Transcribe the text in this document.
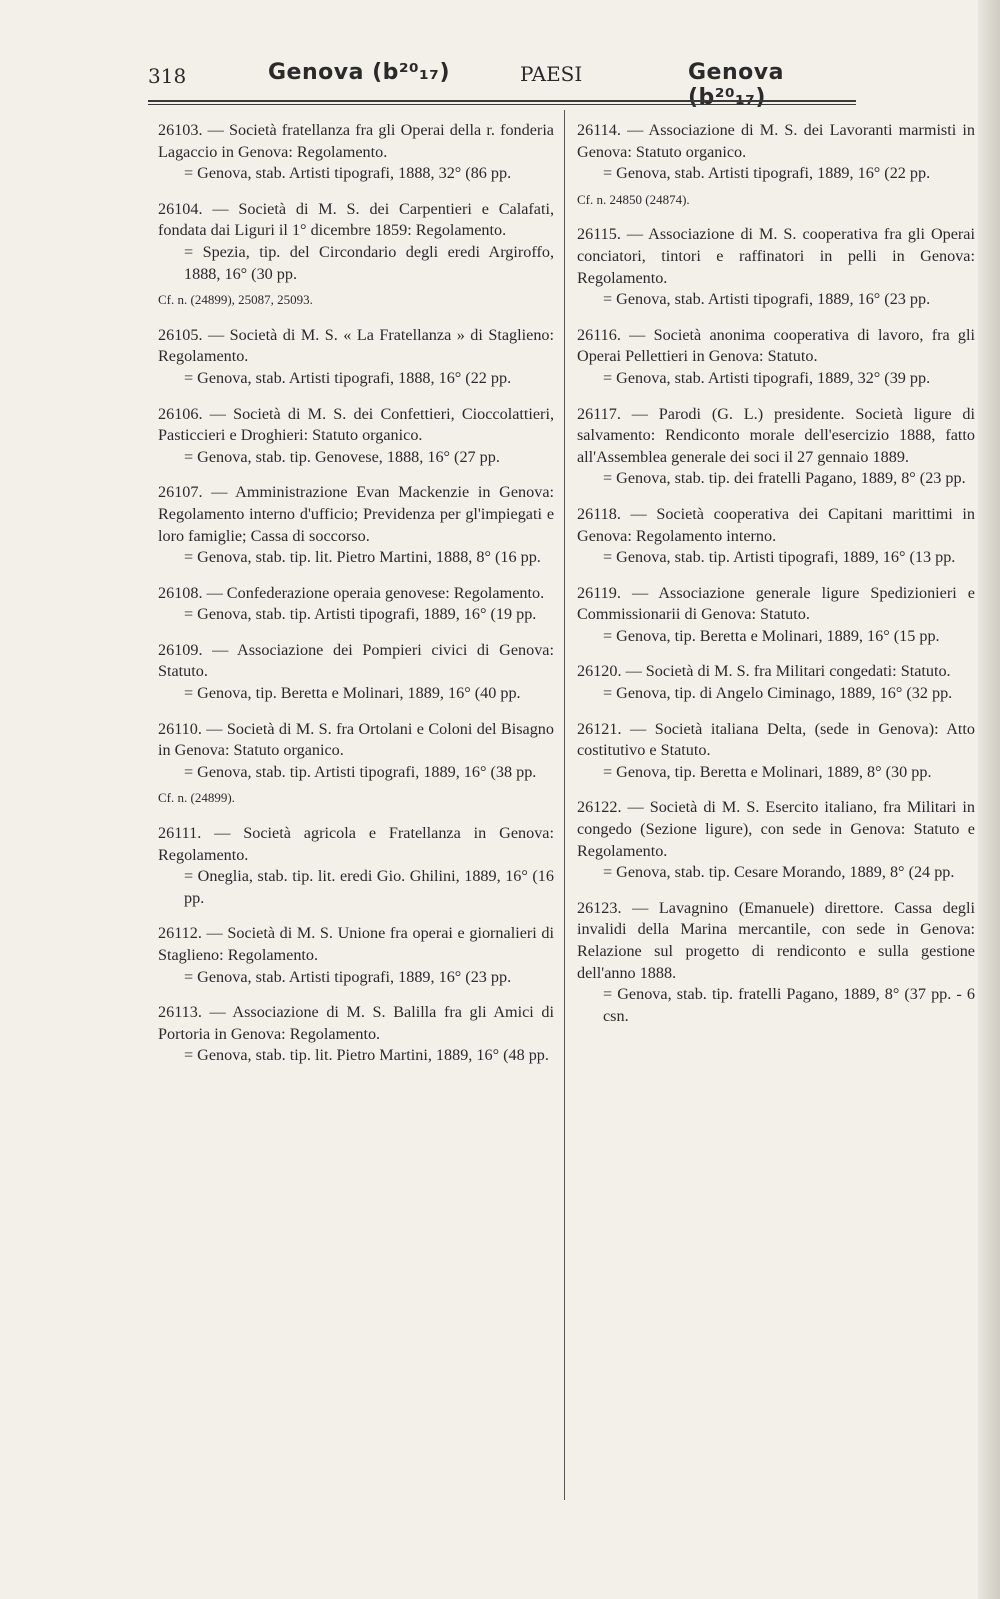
318	Genova (b²⁰₁₇)	PAESI	Genova (b²⁰₁₇)

26103. — Società fratellanza fra gli Operai della r. fonderia Lagaccio in Genova: Regolamento.

= Genova, stab. Artisti tipografi, 1888, 32° (86 pp.

26104. — Società di M. S. dei Carpentieri e Calafati, fondata dai Liguri il 1° dicembre 1859: Regolamento.

= Spezia, tip. del Circondario degli eredi Argiroffo, 1888, 16° (30 pp.

Cf. n. (24899), 25087, 25093.

26105. — Società di M. S. « La Fratellanza » di Staglieno: Regolamento.

= Genova, stab. Artisti tipografi, 1888, 16° (22 pp.

26106. — Società di M. S. dei Confettieri, Cioccolattieri, Pasticcieri e Droghieri: Statuto organico.

= Genova, stab. tip. Genovese, 1888, 16° (27 pp.

26107. — Amministrazione Evan Mackenzie in Genova: Regolamento interno d'ufficio; Previdenza per gl'impiegati e loro famiglie; Cassa di soccorso.

= Genova, stab. tip. lit. Pietro Martini, 1888, 8° (16 pp.

26108. — Confederazione operaia genovese: Regolamento.

= Genova, stab. tip. Artisti tipografi, 1889, 16° (19 pp.

26109. — Associazione dei Pompieri civici di Genova: Statuto.

= Genova, tip. Beretta e Molinari, 1889, 16° (40 pp.

26110. — Società di M. S. fra Ortolani e Coloni del Bisagno in Genova: Statuto organico.

= Genova, stab. tip. Artisti tipografi, 1889, 16° (38 pp.

Cf. n. (24899).

26111. — Società agricola e Fratellanza in Genova: Regolamento.

= Oneglia, stab. tip. lit. eredi Gio. Ghilini, 1889, 16° (16 pp.

26112. — Società di M. S. Unione fra operai e giornalieri di Staglieno: Regolamento.

= Genova, stab. Artisti tipografi, 1889, 16° (23 pp.

26113. — Associazione di M. S. Balilla fra gli Amici di Portoria in Genova: Regolamento.

= Genova, stab. tip. lit. Pietro Martini, 1889, 16° (48 pp.

26114. — Associazione di M. S. dei Lavoranti marmisti in Genova: Statuto organico.

= Genova, stab. Artisti tipografi, 1889, 16° (22 pp.

Cf. n. 24850 (24874).

26115. — Associazione di M. S. cooperativa fra gli Operai conciatori, tintori e raffinatori in pelli in Genova: Regolamento.

= Genova, stab. Artisti tipografi, 1889, 16° (23 pp.

26116. — Società anonima cooperativa di lavoro, fra gli Operai Pellettieri in Genova: Statuto.

= Genova, stab. Artisti tipografi, 1889, 32° (39 pp.

26117. — Parodi (G. L.) presidente. Società ligure di salvamento: Rendiconto morale dell'esercizio 1888, fatto all'Assemblea generale dei soci il 27 gennaio 1889.

= Genova, stab. tip. dei fratelli Pagano, 1889, 8° (23 pp.

26118. — Società cooperativa dei Capitani marittimi in Genova: Regolamento interno.

= Genova, stab. tip. Artisti tipografi, 1889, 16° (13 pp.

26119. — Associazione generale ligure Spedizionieri e Commissionarii di Genova: Statuto.

= Genova, tip. Beretta e Molinari, 1889, 16° (15 pp.

26120. — Società di M. S. fra Militari congedati: Statuto.

= Genova, tip. di Angelo Ciminago, 1889, 16° (32 pp.

26121. — Società italiana Delta, (sede in Genova): Atto costitutivo e Statuto.

= Genova, tip. Beretta e Molinari, 1889, 8° (30 pp.

26122. — Società di M. S. Esercito italiano, fra Militari in congedo (Sezione ligure), con sede in Genova: Statuto e Regolamento.

= Genova, stab. tip. Cesare Morando, 1889, 8° (24 pp.

26123. — Lavagnino (Emanuele) direttore. Cassa degli invalidi della Marina mercantile, con sede in Genova: Relazione sul progetto di rendiconto e sulla gestione dell'anno 1888.

= Genova, stab. tip. fratelli Pagano, 1889, 8° (37 pp. - 6 csn.
